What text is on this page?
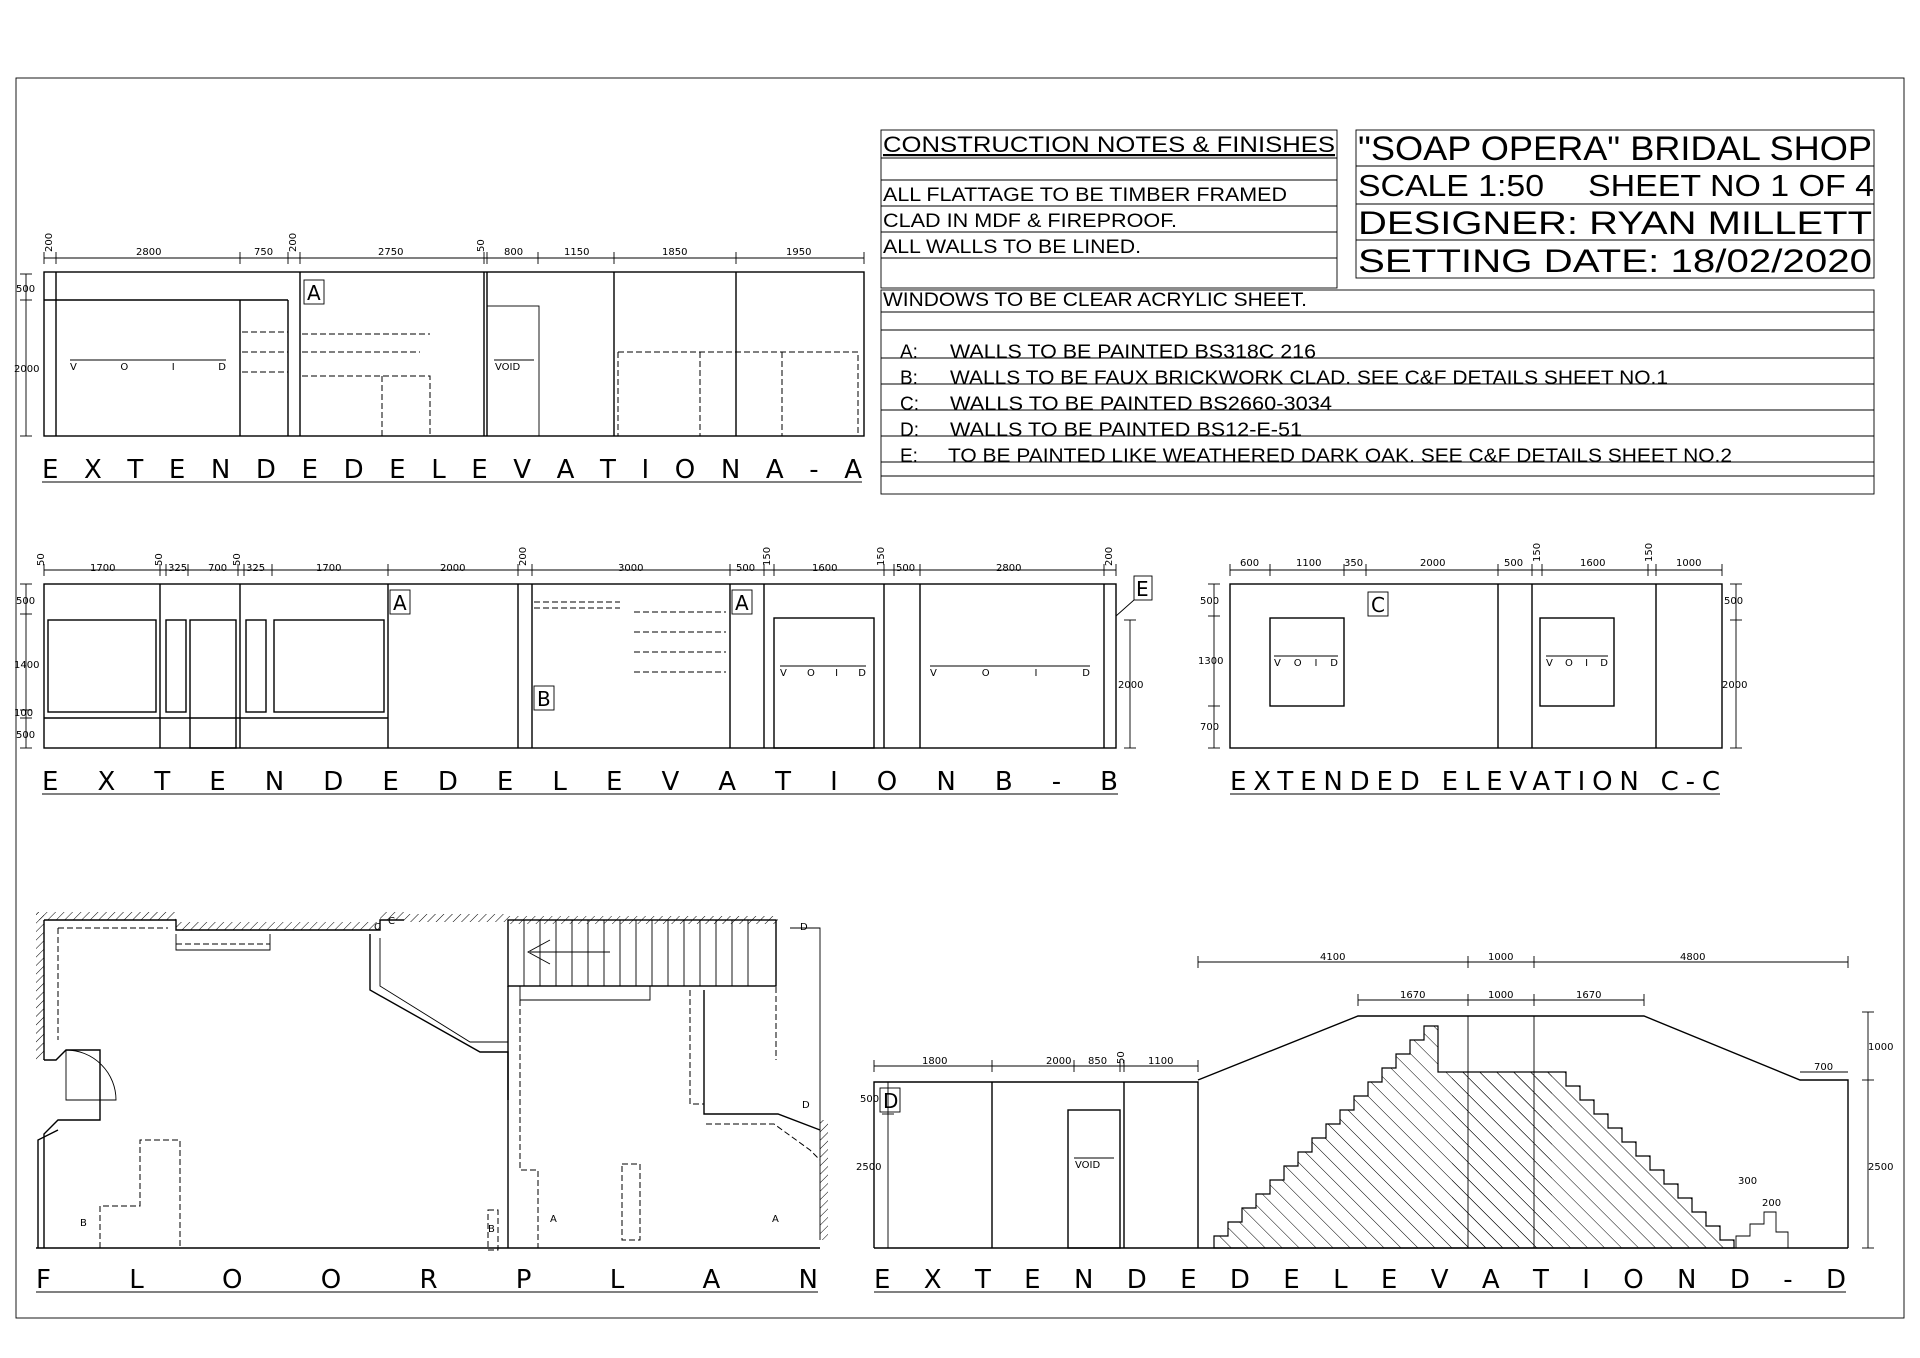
"SOAP OPERA" BRIDAL SHOP
SCALE 1:50 SHEET NO 1 OF 4
DESIGNER: RYAN MILLETT
SETTING DATE: 18/02/2020
CONSTRUCTION NOTES & FINISHES
ALL FLATTAGE TO BE TIMBER FRAMED
CLAD IN MDF & FIREPROOF.
ALL WALLS TO BE LINED.
WINDOWS TO BE CLEAR ACRYLIC SHEET.
A: WALLS TO BE PAINTED BS318C 216
B: WALLS TO BE FAUX BRICKWORK CLAD. SEE C&F DETAILS SHEET NO.1
C: WALLS TO BE PAINTED BS2660-3034
D: WALLS TO BE PAINTED BS12-E-51
E: TO BE PAINTED LIKE WEATHERED DARK OAK. SEE C&F DETAILS SHEET NO.2
200
2800	750
200
2750
50
800	1150	1850	1950
500
2000	V O I D	VOID
A
E X T E N D E D E L E V A T I O N A - A
50
1700
50
325 700
50
325	1700	2000
200
3000	500
150
1600
150
500	2800
200
500
1400
100
500
2000
V O I D	V O I D
A	A
B
E
E X T E N D E D E L E V A T I O N B - B
600	1100 350	2000	500
150
1600
150
1000
500
1300
700
500
2000
V O I D	V O I D
C
EXTENDED ELEVATION C-C
C
C
D
D
B
B
A	A
F L O O R P L A N
1800	2000 850 50 1100
4100	1000	4800
1670	1000	1670
700
500
2500
1000
2500
300
200
VOID
D
E X T E N D E D E L E V A T I O N D - D
